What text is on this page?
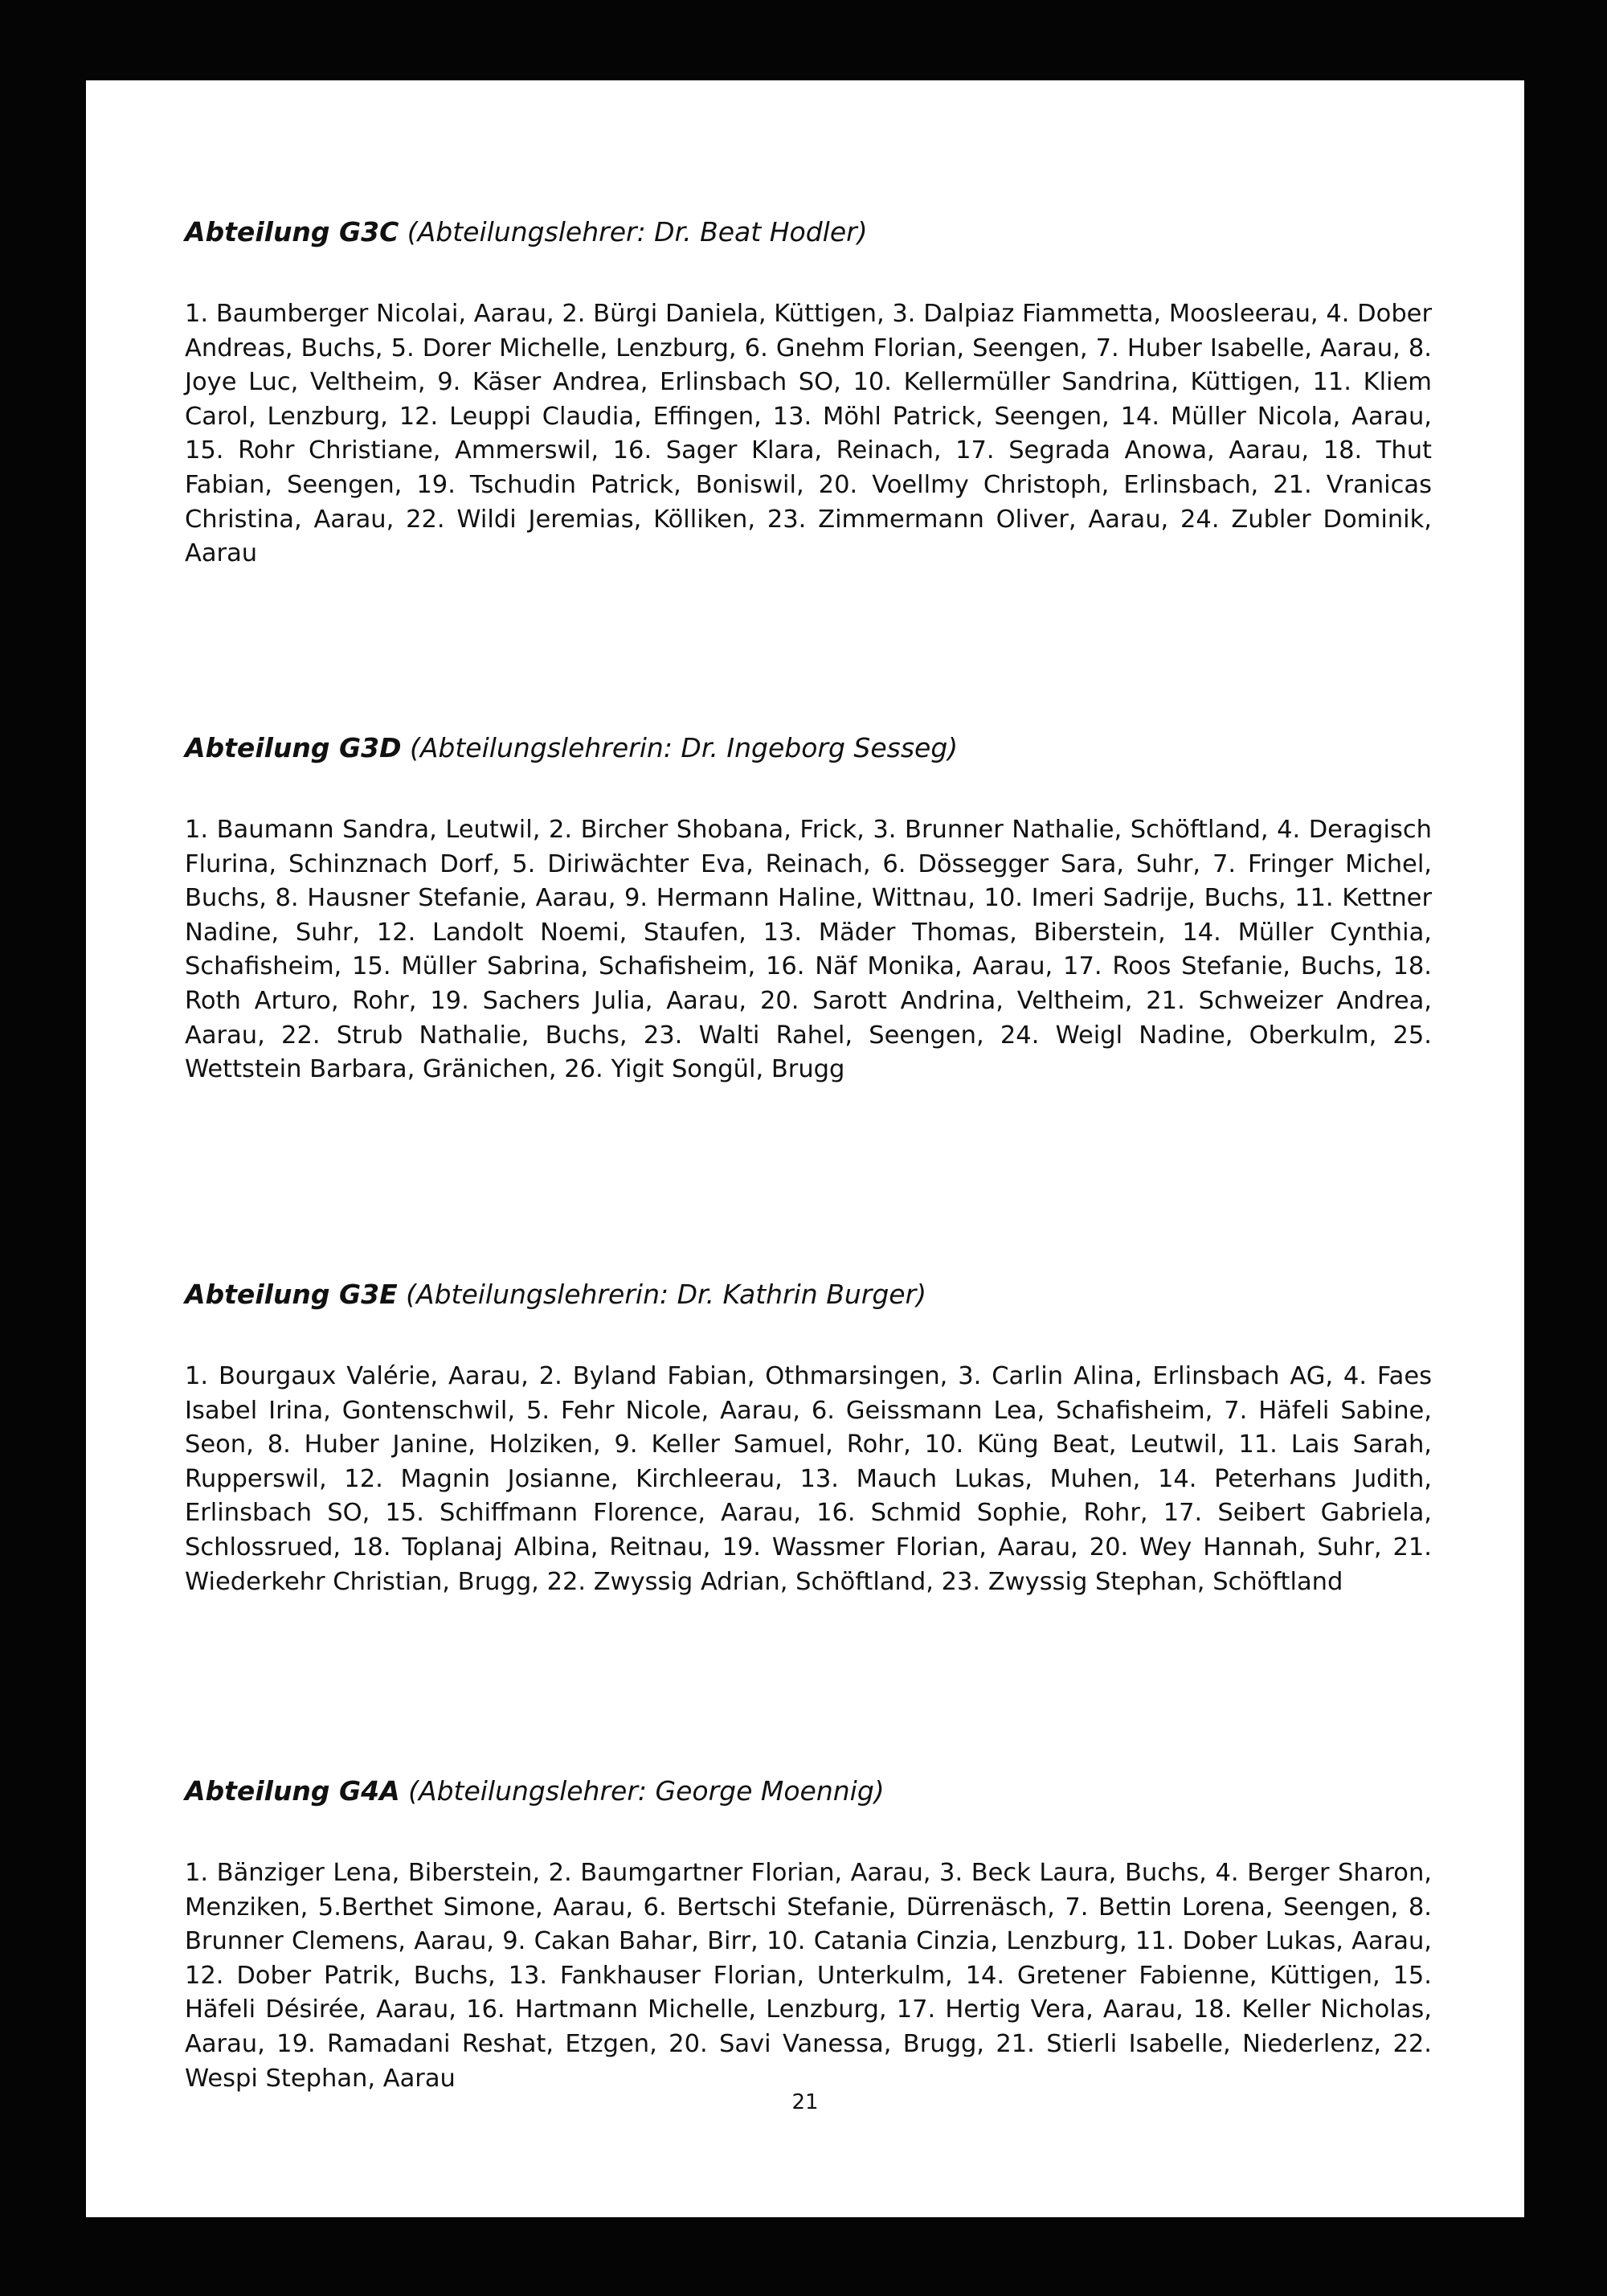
Abteilung G3C (Abteilungslehrer: Dr. Beat Hodler)

1. Baumberger Nicolai, Aarau, 2. Bürgi Daniela, Küttigen, 3. Dalpiaz Fiammetta, Moosleerau, 4. Dober Andreas, Buchs, 5. Dorer Michelle, Lenzburg, 6. Gnehm Florian, Seengen, 7. Huber Isabelle, Aarau, 8. Joye Luc, Veltheim, 9. Käser Andrea, Erlinsbach SO, 10. Kellermüller Sandrina, Küttigen, 11. Kliem Carol, Lenzburg, 12. Leuppi Claudia, Effingen, 13. Möhl Patrick, Seengen, 14. Müller Nicola, Aarau, 15. Rohr Christiane, Ammerswil, 16. Sager Klara, Reinach, 17. Segrada Anowa, Aarau, 18. Thut Fabian, Seengen, 19. Tschudin Patrick, Boniswil, 20. Voellmy Christoph, Erlinsbach, 21. Vranicas Christina, Aarau, 22. Wildi Jeremias, Kölliken, 23. Zimmermann Oliver, Aarau, 24. Zubler Dominik, Aarau

Abteilung G3D (Abteilungslehrerin: Dr. Ingeborg Sesseg)

1. Baumann Sandra, Leutwil, 2. Bircher Shobana, Frick, 3. Brunner Nathalie, Schöftland, 4. Deragisch Flurina, Schinznach Dorf, 5. Diriwächter Eva, Reinach, 6. Dössegger Sara, Suhr, 7. Fringer Michel, Buchs, 8. Hausner Stefanie, Aarau, 9. Hermann Haline, Wittnau, 10. Imeri Sadrije, Buchs, 11. Kettner Nadine, Suhr, 12. Landolt Noemi, Staufen, 13. Mäder Thomas, Biberstein, 14. Müller Cynthia, Schafisheim, 15. Müller Sabrina, Schafisheim, 16. Näf Monika, Aarau, 17. Roos Stefanie, Buchs, 18. Roth Arturo, Rohr, 19. Sachers Julia, Aarau, 20. Sarott Andrina, Veltheim, 21. Schweizer Andrea, Aarau, 22. Strub Nathalie, Buchs, 23. Walti Rahel, Seengen, 24. Weigl Nadine, Oberkulm, 25. Wettstein Barbara, Gränichen, 26. Yigit Songül, Brugg

Abteilung G3E (Abteilungslehrerin: Dr. Kathrin Burger)

1. Bourgaux Valérie, Aarau, 2. Byland Fabian, Othmarsingen, 3. Carlin Alina, Erlinsbach AG, 4. Faes Isabel Irina, Gontenschwil, 5. Fehr Nicole, Aarau, 6. Geissmann Lea, Schafisheim, 7. Häfeli Sabine, Seon, 8. Huber Janine, Holziken, 9. Keller Samuel, Rohr, 10. Küng Beat, Leutwil, 11. Lais Sarah, Rupperswil, 12. Magnin Josianne, Kirchleerau, 13. Mauch Lukas, Muhen, 14. Peterhans Judith, Erlinsbach SO, 15. Schiffmann Florence, Aarau, 16. Schmid Sophie, Rohr, 17. Seibert Gabriela, Schlossrued, 18. Toplanaj Albina, Reitnau, 19. Wassmer Florian, Aarau, 20. Wey Hannah, Suhr, 21. Wiederkehr Christian, Brugg, 22. Zwyssig Adrian, Schöftland, 23. Zwyssig Stephan, Schöftland

Abteilung G4A (Abteilungslehrer: George Moennig)

1. Bänziger Lena, Biberstein, 2. Baumgartner Florian, Aarau, 3. Beck Laura, Buchs, 4. Berger Sharon, Menziken, 5.Berthet Simone, Aarau, 6. Bertschi Stefanie, Dürrenäsch, 7. Bettin Lorena, Seengen, 8. Brunner Clemens, Aarau, 9. Cakan Bahar, Birr, 10. Catania Cinzia, Lenzburg, 11. Dober Lukas, Aarau, 12. Dober Patrik, Buchs, 13. Fankhauser Florian, Unterkulm, 14. Gretener Fabienne, Küttigen, 15. Häfeli Désirée, Aarau, 16. Hartmann Michelle, Lenzburg, 17. Hertig Vera, Aarau, 18. Keller Nicholas, Aarau, 19. Ramadani Reshat, Etzgen, 20. Savi Vanessa, Brugg, 21. Stierli Isabelle, Niederlenz, 22. Wespi Stephan, Aarau

21
